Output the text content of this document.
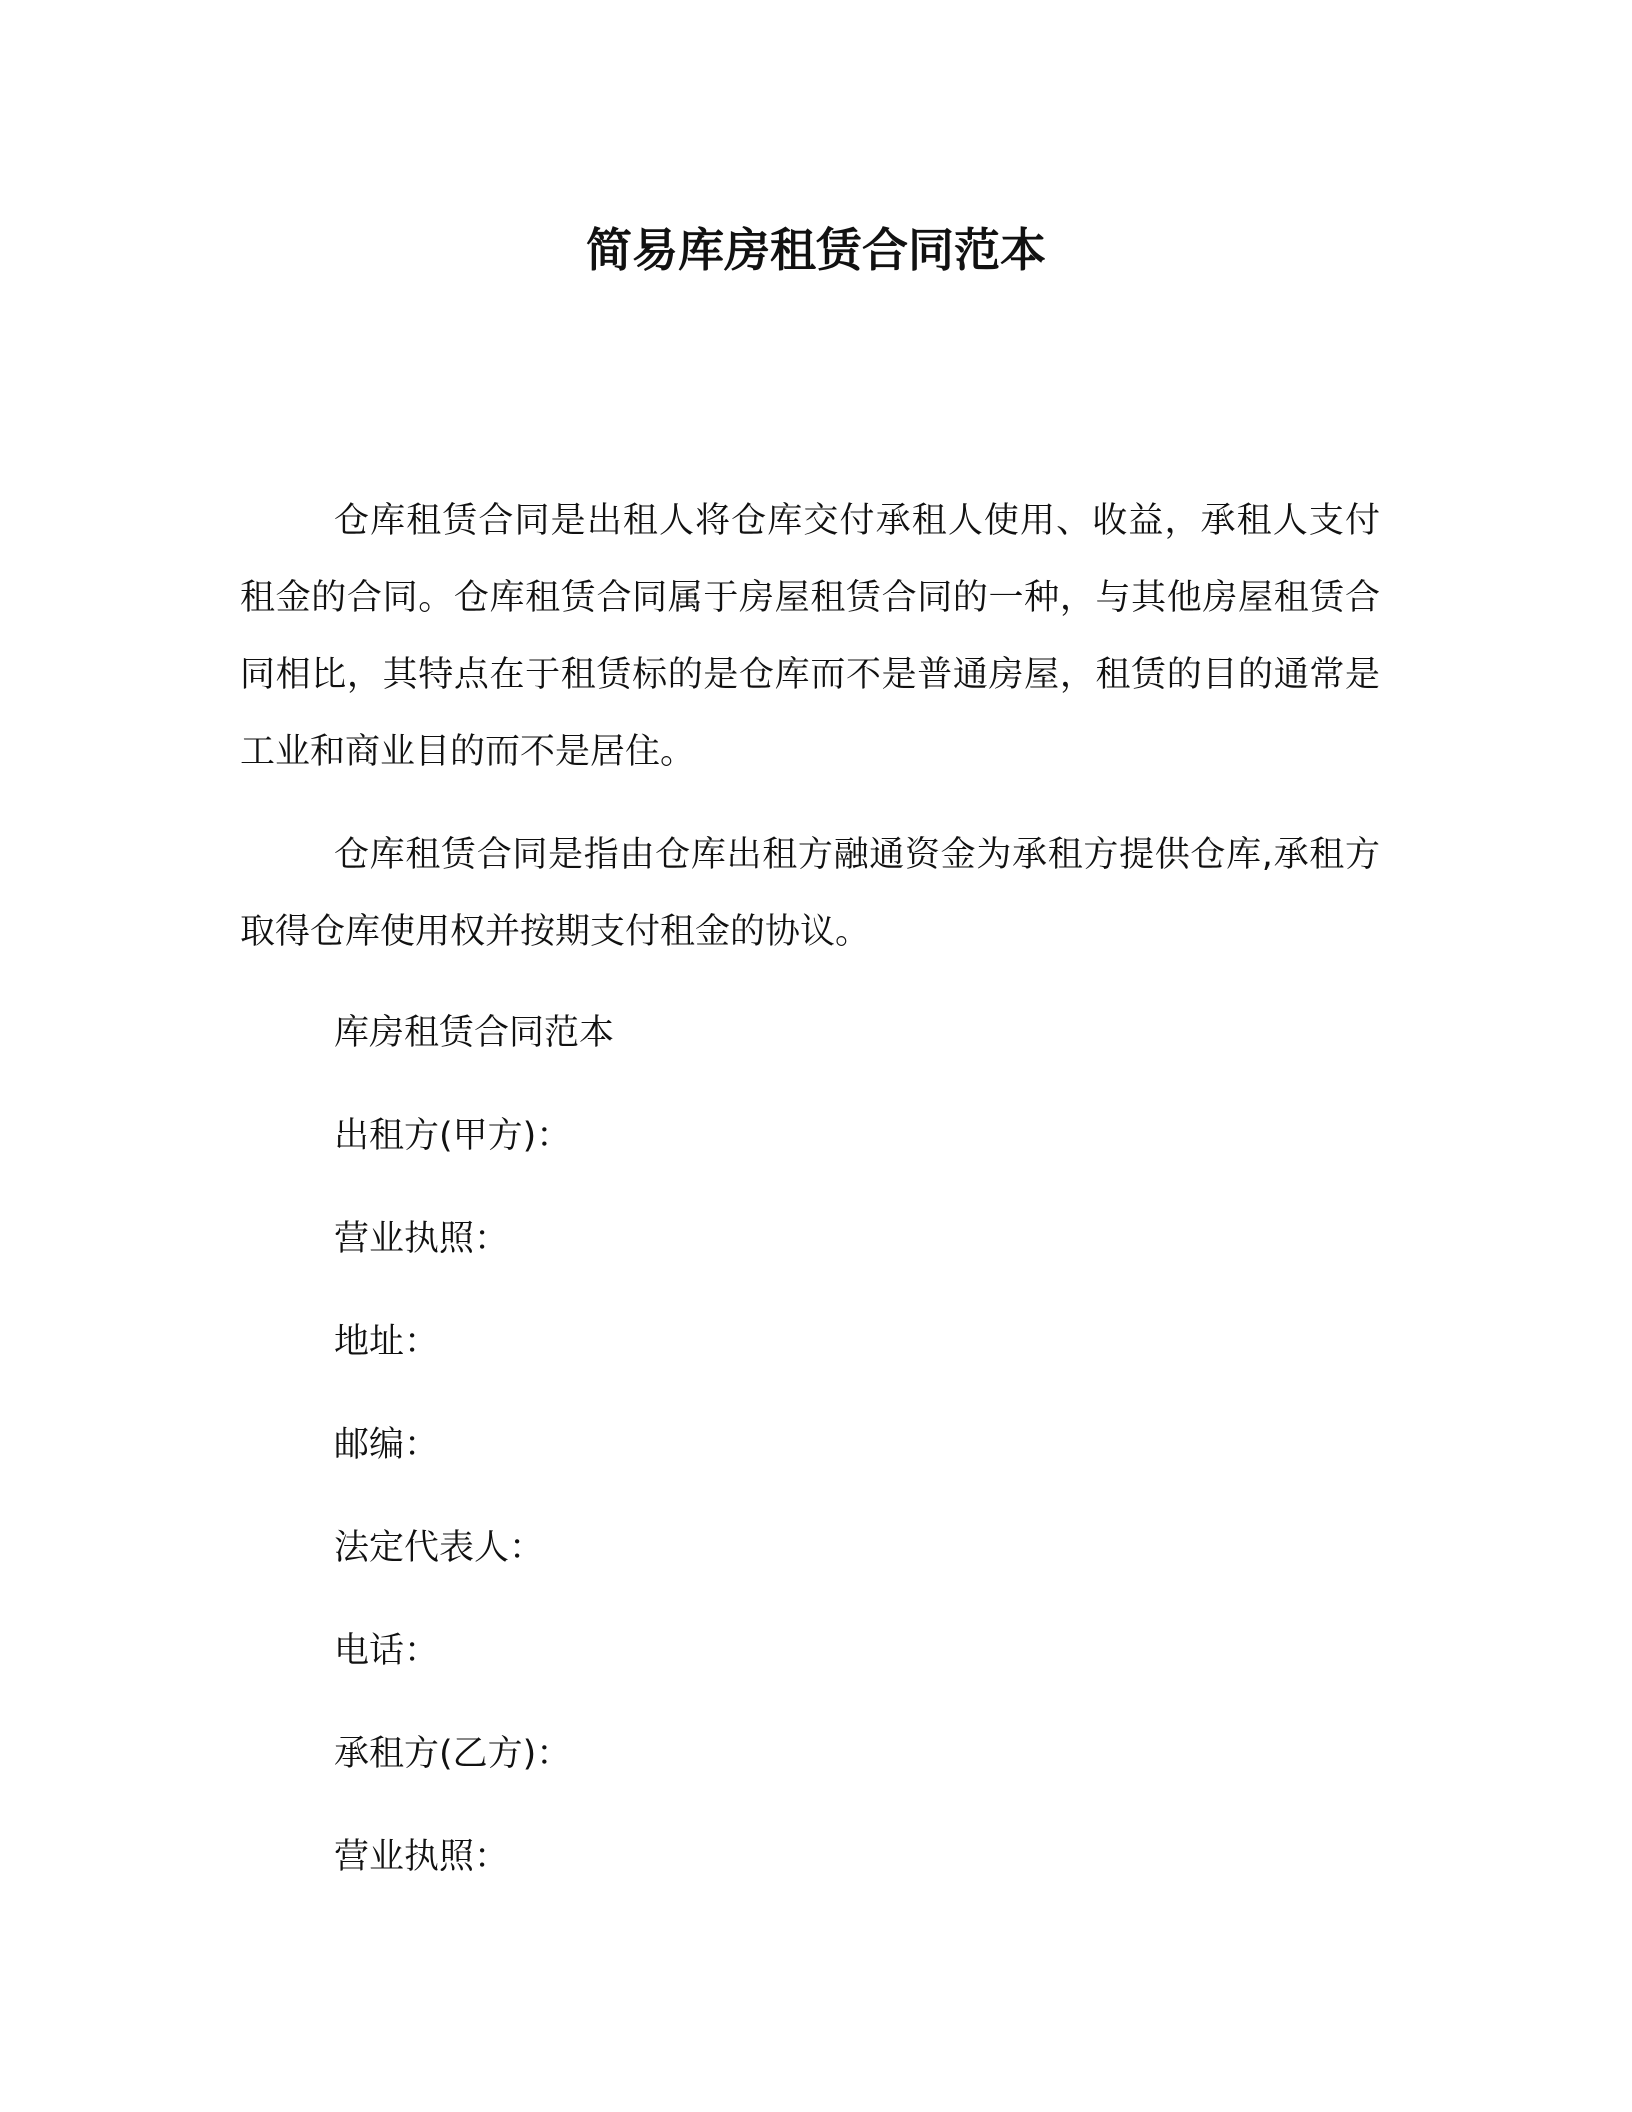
简易库房租赁合同范本

仓库租赁合同是出租人将仓库交付承租人使用、收益，承租人支付租金的合同。仓库租赁合同属于房屋租赁合同的一种，与其他房屋租赁合同相比，其特点在于租赁标的是仓库而不是普通房屋，租赁的目的通常是工业和商业目的而不是居住。

仓库租赁合同是指由仓库出租方融通资金为承租方提供仓库,承租方取得仓库使用权并按期支付租金的协议。

库房租赁合同范本

出租方(甲方)：

营业执照：

地址：

邮编：

法定代表人：

电话：

承租方(乙方)：

营业执照：
